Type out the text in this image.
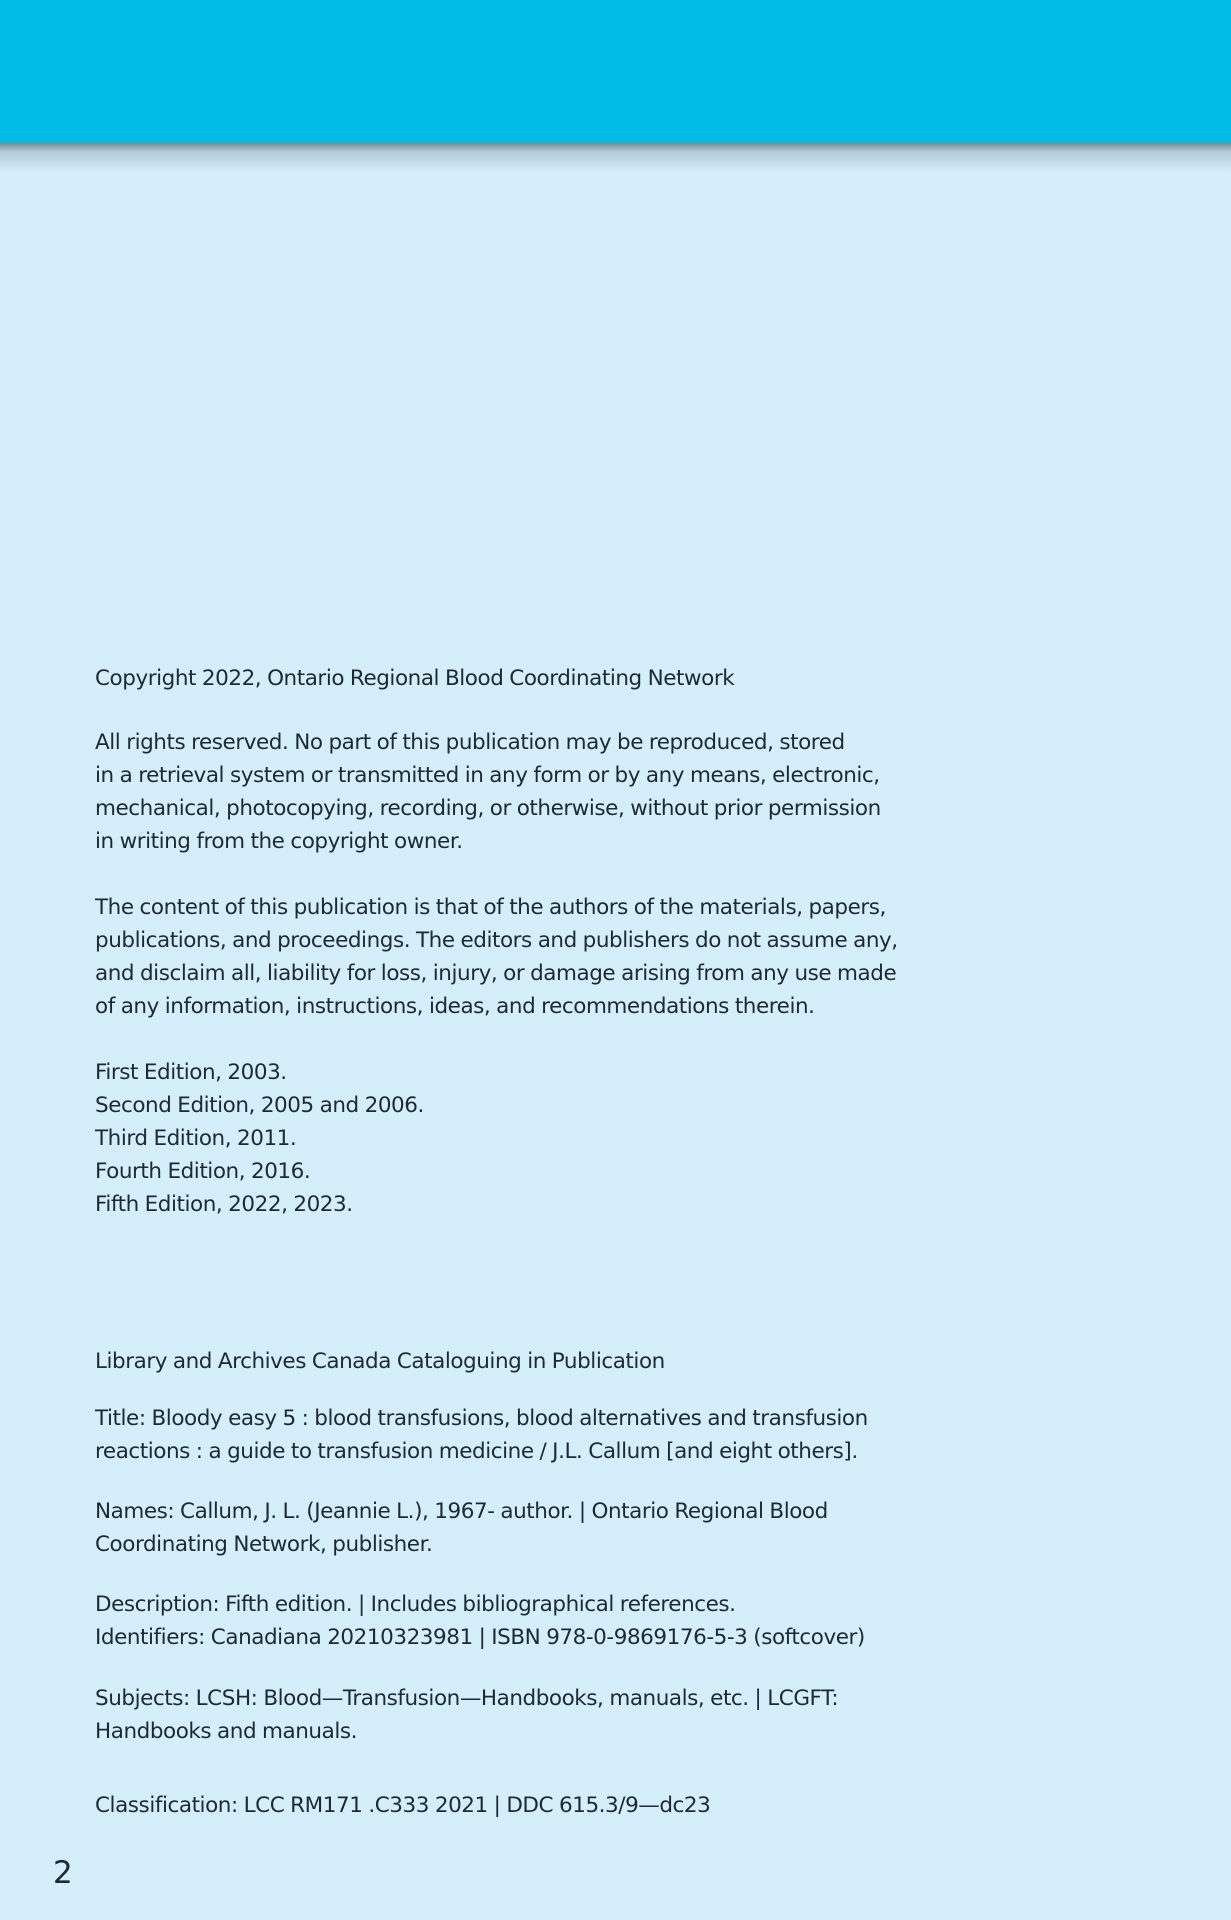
Copyright 2022, Ontario Regional Blood Coordinating Network

All rights reserved. No part of this publication may be reproduced, stored
in a retrieval system or transmitted in any form or by any means, electronic,
mechanical, photocopying, recording, or otherwise, without prior permission
in writing from the copyright owner.

The content of this publication is that of the authors of the materials, papers,
publications, and proceedings. The editors and publishers do not assume any,
and disclaim all, liability for loss, injury, or damage arising from any use made
of any information, instructions, ideas, and recommendations therein.

First Edition, 2003.

Second Edition, 2005 and 2006.

Third Edition, 2011.

Fourth Edition, 2016.

Fifth Edition, 2022, 2023.

Library and Archives Canada Cataloguing in Publication

Title: Bloody easy 5 : blood transfusions, blood alternatives and transfusion
reactions : a guide to transfusion medicine / J.L. Callum [and eight others].

Names: Callum, J. L. (Jeannie L.), 1967- author. | Ontario Regional Blood
Coordinating Network, publisher.

Description: Fifth edition. | Includes bibliographical references.
Identifiers: Canadiana 20210323981 | ISBN 978-0-9869176-5-3 (softcover)

Subjects: LCSH: Blood—Transfusion—Handbooks, manuals, etc. | LCGFT:
Handbooks and manuals.

Classification: LCC RM171 .C333 2021 | DDC 615.3/9—dc23

2
